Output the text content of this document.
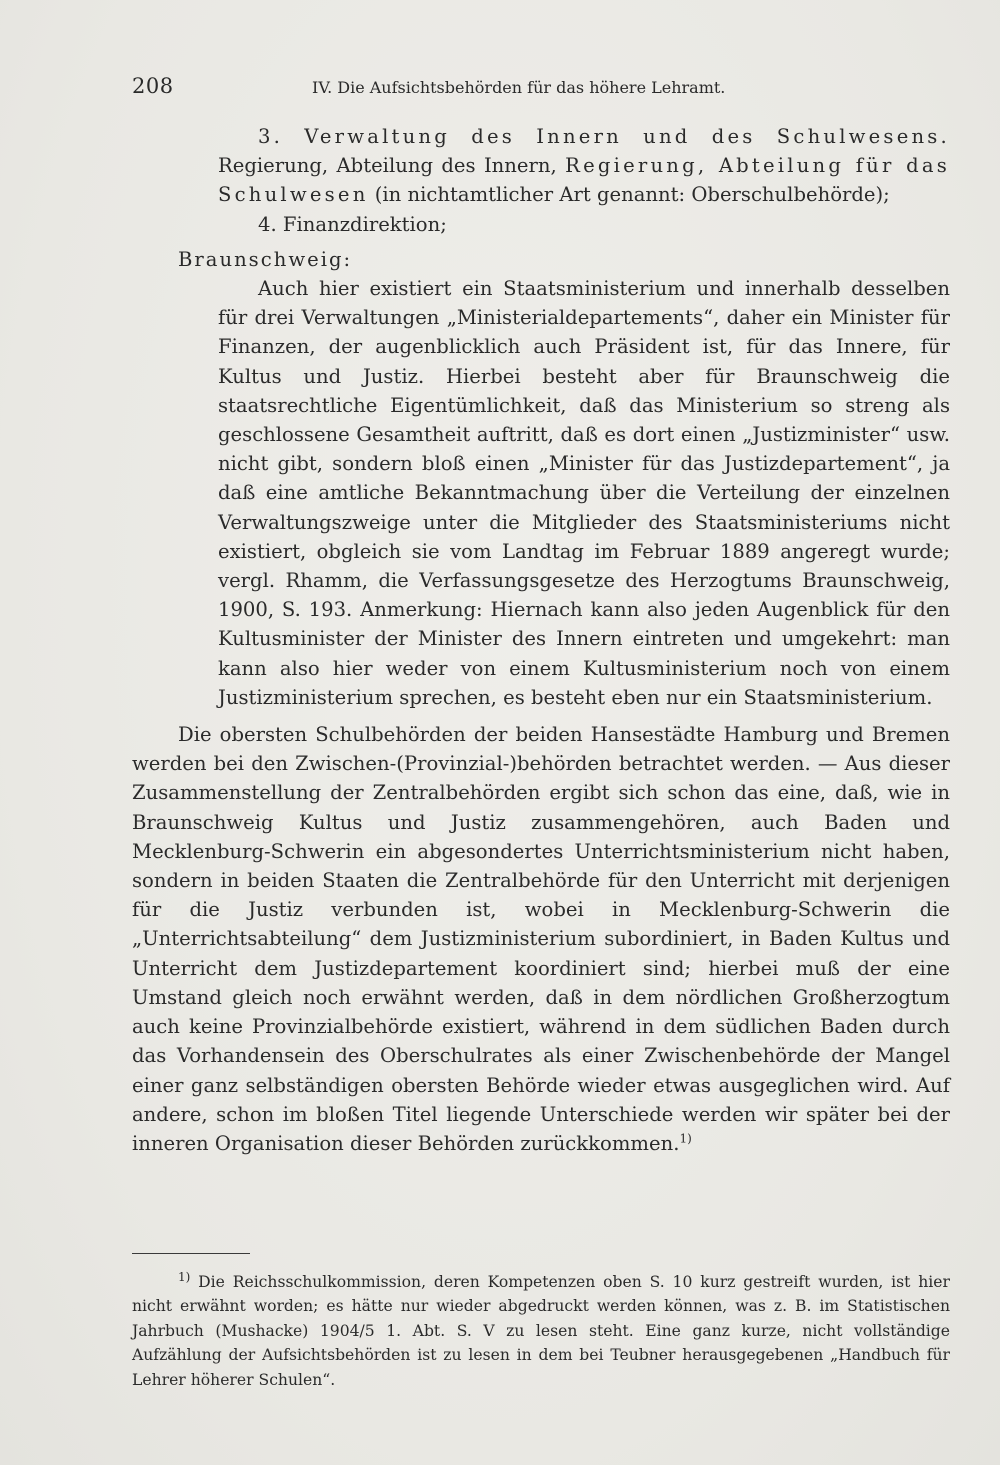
208	IV. Die Aufsichtsbehörden für das höhere Lehramt.

3. Verwaltung des Innern und des Schulwesens. Regierung, Abteilung des Innern, Regierung, Abteilung für das Schulwesen (in nichtamtlicher Art genannt: Oberschulbehörde);

4. Finanzdirektion;

Braunschweig:

Auch hier existiert ein Staatsministerium und innerhalb desselben für drei Verwaltungen „Ministerialdepartements“, daher ein Minister für Finanzen, der augenblicklich auch Präsident ist, für das Innere, für Kultus und Justiz. Hierbei besteht aber für Braunschweig die staatsrechtliche Eigentümlichkeit, daß das Ministerium so streng als geschlossene Gesamtheit auftritt, daß es dort einen „Justizminister“ usw. nicht gibt, sondern bloß einen „Minister für das Justizdepartement“, ja daß eine amtliche Bekanntmachung über die Verteilung der einzelnen Verwaltungszweige unter die Mitglieder des Staatsministeriums nicht existiert, obgleich sie vom Landtag im Februar 1889 angeregt wurde; vergl. Rhamm, die Verfassungsgesetze des Herzogtums Braunschweig, 1900, S. 193. Anmerkung: Hiernach kann also jeden Augenblick für den Kultusminister der Minister des Innern eintreten und umgekehrt: man kann also hier weder von einem Kultusministerium noch von einem Justizministerium sprechen, es besteht eben nur ein Staatsministerium.

Die obersten Schulbehörden der beiden Hansestädte Hamburg und Bremen werden bei den Zwischen-(Provinzial-)behörden betrachtet werden. — Aus dieser Zusammenstellung der Zentralbehörden ergibt sich schon das eine, daß, wie in Braunschweig Kultus und Justiz zusammengehören, auch Baden und Mecklenburg-Schwerin ein abgesondertes Unterrichtsministerium nicht haben, sondern in beiden Staaten die Zentralbehörde für den Unterricht mit derjenigen für die Justiz verbunden ist, wobei in Mecklenburg-Schwerin die „Unterrichtsabteilung“ dem Justizministerium subordiniert, in Baden Kultus und Unterricht dem Justizdepartement koordiniert sind; hierbei muß der eine Umstand gleich noch erwähnt werden, daß in dem nördlichen Großherzogtum auch keine Provinzialbehörde existiert, während in dem südlichen Baden durch das Vorhandensein des Oberschulrates als einer Zwischenbehörde der Mangel einer ganz selbständigen obersten Behörde wieder etwas ausgeglichen wird. Auf andere, schon im bloßen Titel liegende Unterschiede werden wir später bei der inneren Organisation dieser Behörden zurückkommen.$^{1)}$

$^{1)}$ Die Reichsschulkommission, deren Kompetenzen oben S. 10 kurz gestreift wurden, ist hier nicht erwähnt worden; es hätte nur wieder abgedruckt werden können, was z. B. im Statistischen Jahrbuch (Mushacke) 1904/5 1. Abt. S. V zu lesen steht. Eine ganz kurze, nicht vollständige Aufzählung der Aufsichtsbehörden ist zu lesen in dem bei Teubner herausgegebenen „Handbuch für Lehrer höherer Schulen“.
